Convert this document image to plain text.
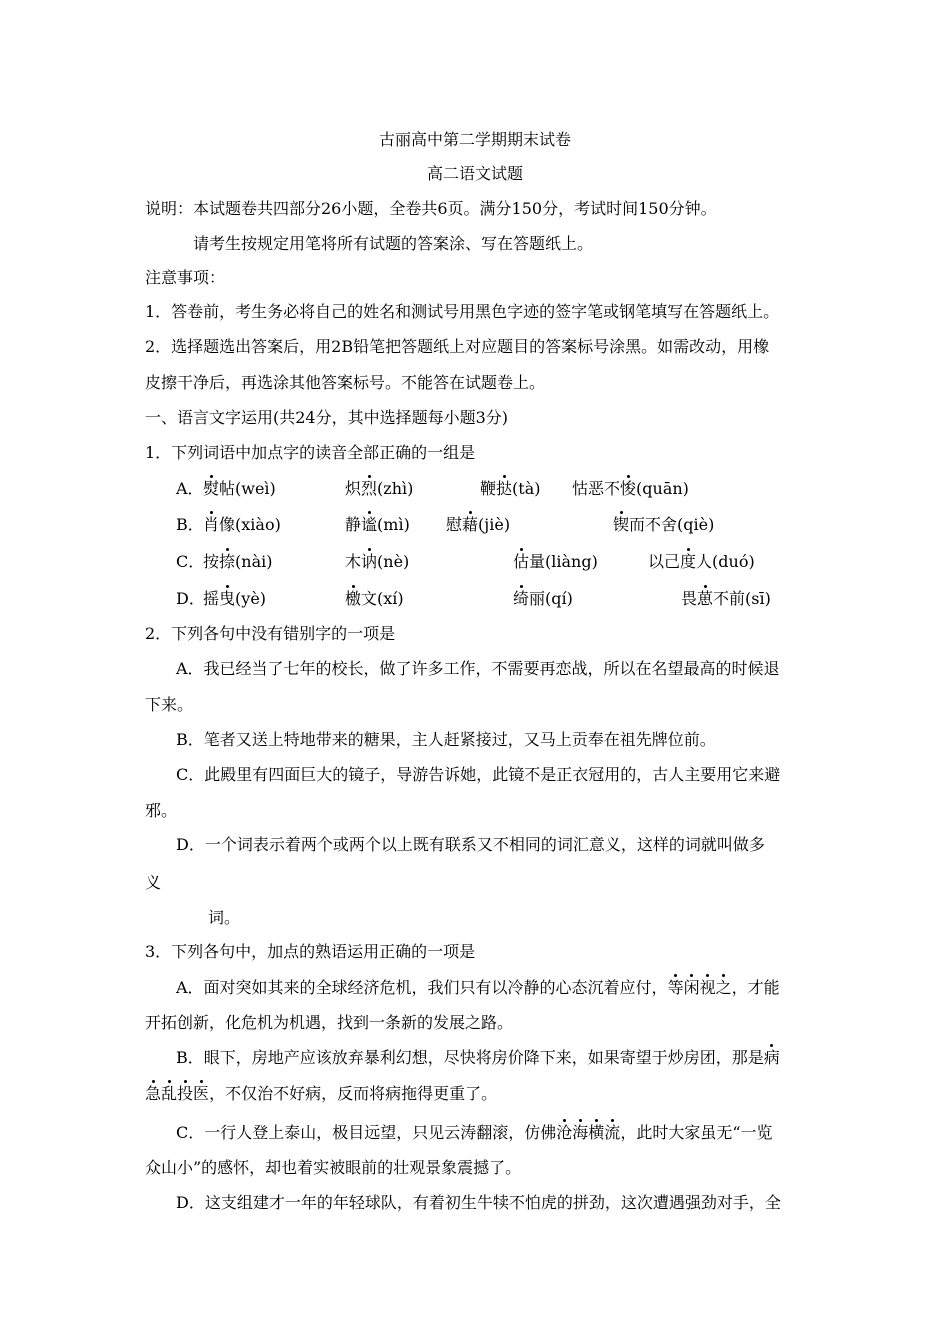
古丽高中第二学期期末试卷
高二语文试题
说明：本试题卷共四部分26小题，全卷共6页。满分150分，考试时间150分钟。
请考生按规定用笔将所有试题的答案涂、写在答题纸上。
注意事项：
1．答卷前，考生务必将自己的姓名和测试号用黑色字迹的签字笔或钢笔填写在答题纸上。
2．选择题选出答案后，用2B铅笔把答题纸上对应题目的答案标号涂黑。如需改动，用橡
皮擦干净后，再选涂其他答案标号。不能答在试题卷上。
一、语言文字运用(共24分，其中选择题每小题3分)
1．下列词语中加点字的读音全部正确的一组是
A． 熨帖(weì)	炽烈(zhì)	鞭挞(tà) 怙恶不悛(quān)
B． 肖像(xiào)	静谧(mì) 慰藉(jiè)	锲而不舍(qiè)
C．
按捺(nài)	木讷(nè)	估量(liàng)	以己度人(duó)
D．
摇曳(yè)	檄文(xí)	绮丽(qí)	畏葸不前(sī)
2．下列各句中没有错别字的一项是
A．我已经当了七年的校长，做了许多工作，不需要再恋战，所以在名望最高的时候退
下来。
B．笔者又送上特地带来的糖果，主人赶紧接过，又马上贡奉在祖先牌位前。
C．此殿里有四面巨大的镜子，导游告诉她，此镜不是正衣冠用的，古人主要用它来避
邪。
D．一个词表示着两个或两个以上既有联系又不相同的词汇意义，这样的词就叫做多
义
词。
3．下列各句中，加点的熟语运用正确的一项是
A．面对突如其来的全球经济危机，我们只有以冷静的心态沉着应付，等闲视之，才能
开拓创新，化危机为机遇，找到一条新的发展之路。
B．眼下，房地产应该放弃暴利幻想，尽快将房价降下来，如果寄望于炒房团，那是病
急乱投医，不仅治不好病，反而将病拖得更重了。
C．一行人登上泰山，极目远望，只见云涛翻滚，仿佛沧海横流，此时大家虽无“一览
众山小”的感怀，却也着实被眼前的壮观景象震撼了。
D．这支组建才一年的年轻球队，有着初生牛犊不怕虎的拼劲，这次遭遇强劲对手，全
